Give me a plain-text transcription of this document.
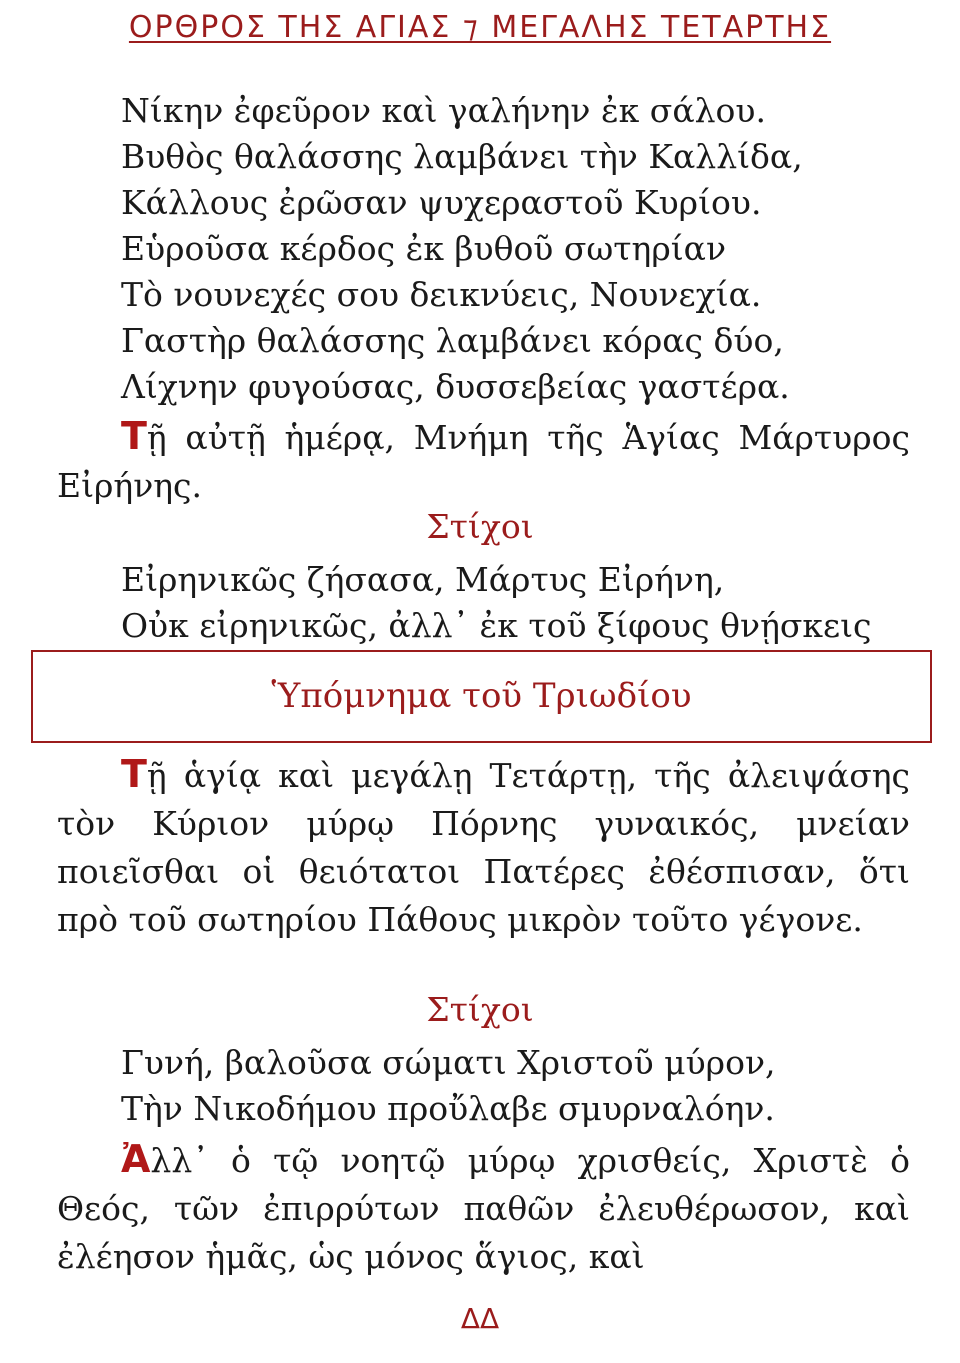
ΟΡΘΡΟΣ ΤΗΣ ΑΓΙΑΣ ⁊ ΜΕΓΑΛΗΣ ΤΕΤΑΡΤΗΣ
Νίκην ἐφεῦρον καὶ γαλήνην ἐκ σάλου.
Βυθὸς θαλάσσης λαμβάνει τὴν Καλλίδα,
Κάλλους ἐρῶσαν ψυχεραστοῦ Κυρίου.
Εὑροῦσα κέρδος ἐκ βυθοῦ σωτηρίαν
Τὸ νουνεχές σου δεικνύεις, Νουνεχία.
Γαστὴρ θαλάσσης λαμβάνει κόρας δύο,
Λίχνην φυγούσας, δυσσεβείας γαστέρα.
Τῇ αὐτῇ ἡμέρᾳ, Μνήμη τῆς Ἁγίας Μάρτυρος Εἰρήνης.
Στίχοι
Εἰρηνικῶς ζήσασα, Μάρτυς Εἰρήνη,
Οὐκ εἰρηνικῶς, ἀλλ᾽ ἐκ τοῦ ξίφους θνῄσκεις
Ὑπόμνημα τοῦ Τριωδίου
Τῇ ἁγίᾳ καὶ μεγάλῃ Τετάρτῃ, τῆς ἀλειψάσης τὸν Κύριον μύρῳ Πόρνης γυναικός, μνείαν ποιεῖσθαι οἱ θειότατοι Πατέρες ἐθέσπισαν, ὅτι πρὸ τοῦ σωτηρίου Πάθους μικρὸν τοῦτο γέγονε.
Στίχοι
Γυνή, βαλοῦσα σώματι Χριστοῦ μύρον,
Τὴν Νικοδήμου προὔλαβε σμυρναλόην.
Ἀλλ᾽ ὁ τῷ νοητῷ μύρῳ χρισθείς, Χριστὲ ὁ Θεός, τῶν ἐπιρρύτων παθῶν ἐλευθέρωσον, καὶ ἐλέησον ἡμᾶς, ὡς μόνος ἅγιος, καὶ
ΔΔ
